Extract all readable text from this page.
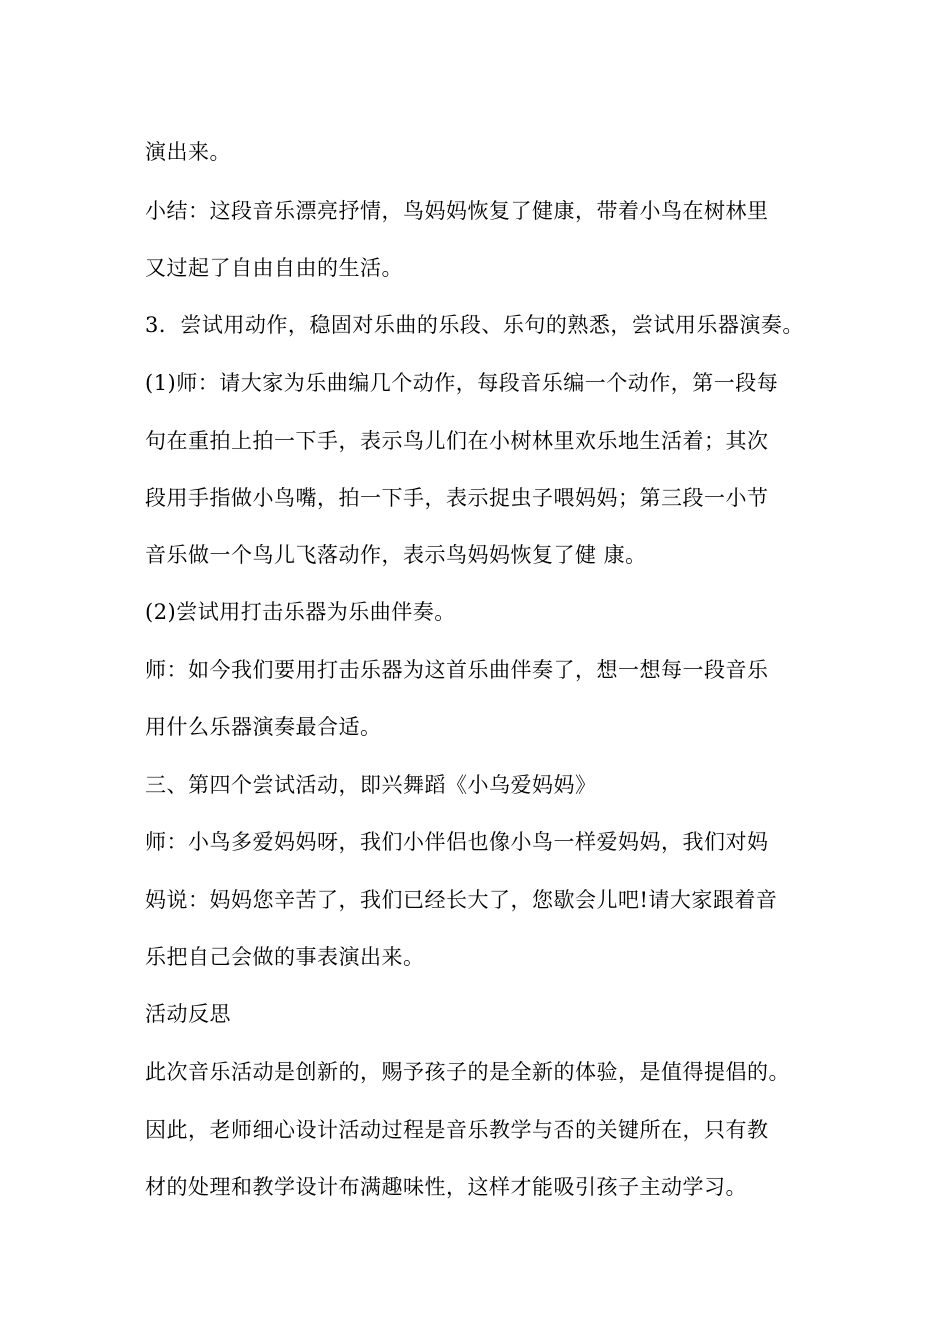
演出来。
小结：这段音乐漂亮抒情，鸟妈妈恢复了健康，带着小鸟在树林里
又过起了自由自由的生活。
3．尝试用动作，稳固对乐曲的乐段、乐句的熟悉，尝试用乐器演奏。
(1)师：请大家为乐曲编几个动作，每段音乐编一个动作，第一段每
句在重拍上拍一下手，表示鸟儿们在小树林里欢乐地生活着；其次
段用手指做小鸟嘴，拍一下手，表示捉虫子喂妈妈；第三段一小节
音乐做一个鸟儿飞落动作，表示鸟妈妈恢复了健 康。
(2)尝试用打击乐器为乐曲伴奏。
师：如今我们要用打击乐器为这首乐曲伴奏了，想一想每一段音乐
用什么乐器演奏最合适。
三、第四个尝试活动，即兴舞蹈《小乌爱妈妈》
师：小鸟多爱妈妈呀，我们小伴侣也像小鸟一样爱妈妈，我们对妈
妈说：妈妈您辛苦了，我们已经长大了，您歇会儿吧!请大家跟着音
乐把自己会做的事表演出来。
活动反思
此次音乐活动是创新的，赐予孩子的是全新的体验，是值得提倡的。
因此，老师细心设计活动过程是音乐教学与否的关键所在，只有教
材的处理和教学设计布满趣味性，这样才能吸引孩子主动学习。
